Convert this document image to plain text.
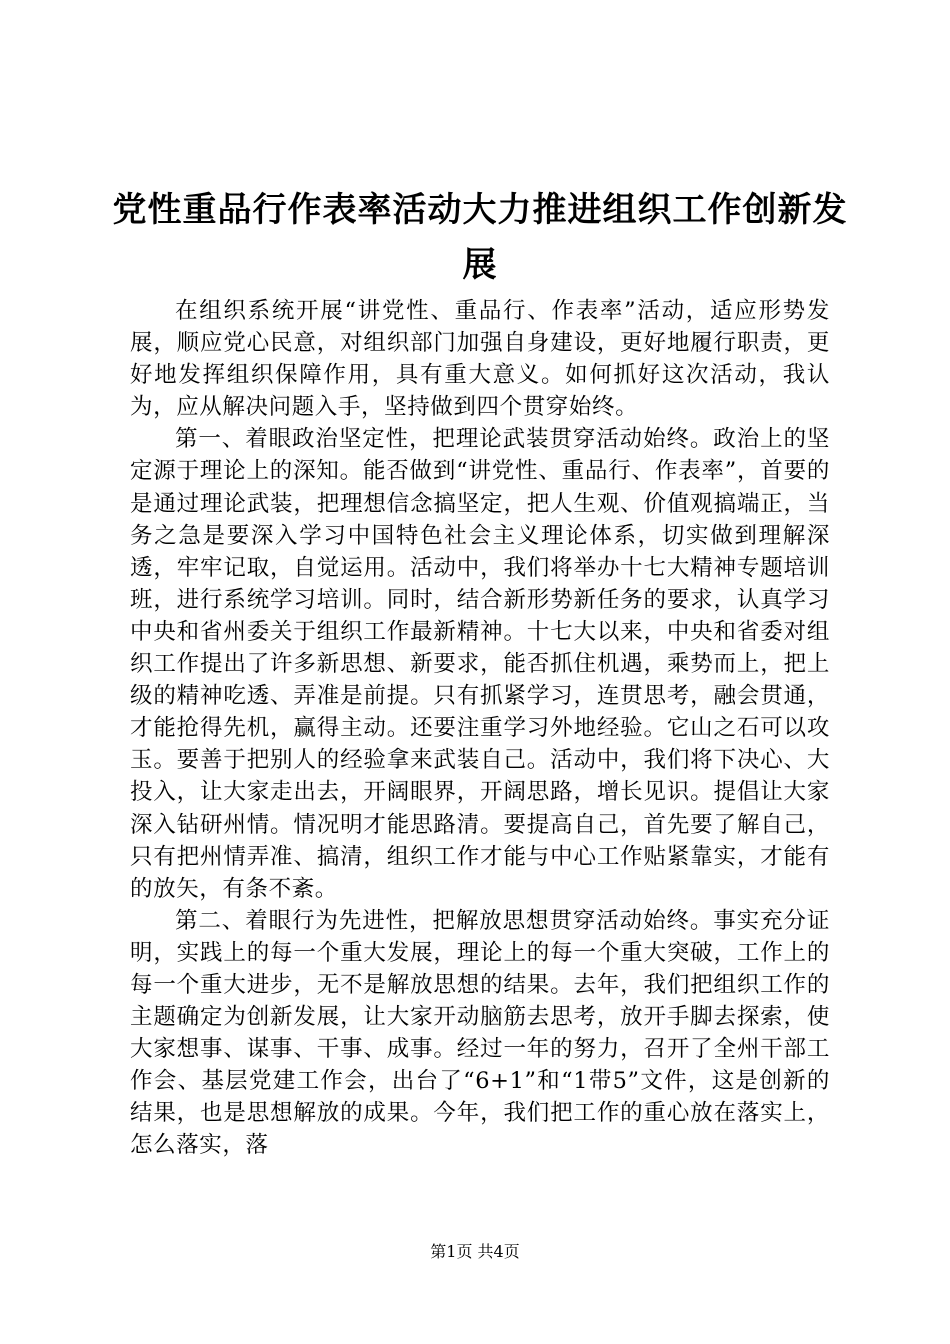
党性重品行作表率活动大力推进组织工作创新发展

在组织系统开展“讲党性、重品行、作表率”活动，适应形势发展，顺应党心民意，对组织部门加强自身建设，更好地履行职责，更好地发挥组织保障作用，具有重大意义。如何抓好这次活动，我认为，应从解决问题入手，坚持做到四个贯穿始终。

第一、着眼政治坚定性，把理论武装贯穿活动始终。政治上的坚定源于理论上的深知。能否做到“讲党性、重品行、作表率”，首要的是通过理论武装，把理想信念搞坚定，把人生观、价值观搞端正，当务之急是要深入学习中国特色社会主义理论体系，切实做到理解深透，牢牢记取，自觉运用。活动中，我们将举办十七大精神专题培训班，进行系统学习培训。同时，结合新形势新任务的要求，认真学习中央和省州委关于组织工作最新精神。十七大以来，中央和省委对组织工作提出了许多新思想、新要求，能否抓住机遇，乘势而上，把上级的精神吃透、弄准是前提。只有抓紧学习，连贯思考，融会贯通，才能抢得先机，赢得主动。还要注重学习外地经验。它山之石可以攻玉。要善于把别人的经验拿来武装自己。活动中，我们将下决心、大投入，让大家走出去，开阔眼界，开阔思路，增长见识。提倡让大家深入钻研州情。情况明才能思路清。要提高自己，首先要了解自己，只有把州情弄准、搞清，组织工作才能与中心工作贴紧靠实，才能有的放矢，有条不紊。

第二、着眼行为先进性，把解放思想贯穿活动始终。事实充分证明，实践上的每一个重大发展，理论上的每一个重大突破，工作上的每一个重大进步，无不是解放思想的结果。去年，我们把组织工作的主题确定为创新发展，让大家开动脑筋去思考，放开手脚去探索，使大家想事、谋事、干事、成事。经过一年的努力，召开了全州干部工作会、基层党建工作会，出台了“6+1”和“1带5”文件，这是创新的结果，也是思想解放的成果。今年，我们把工作的重心放在落实上，怎么落实，落

第1页 共4页
